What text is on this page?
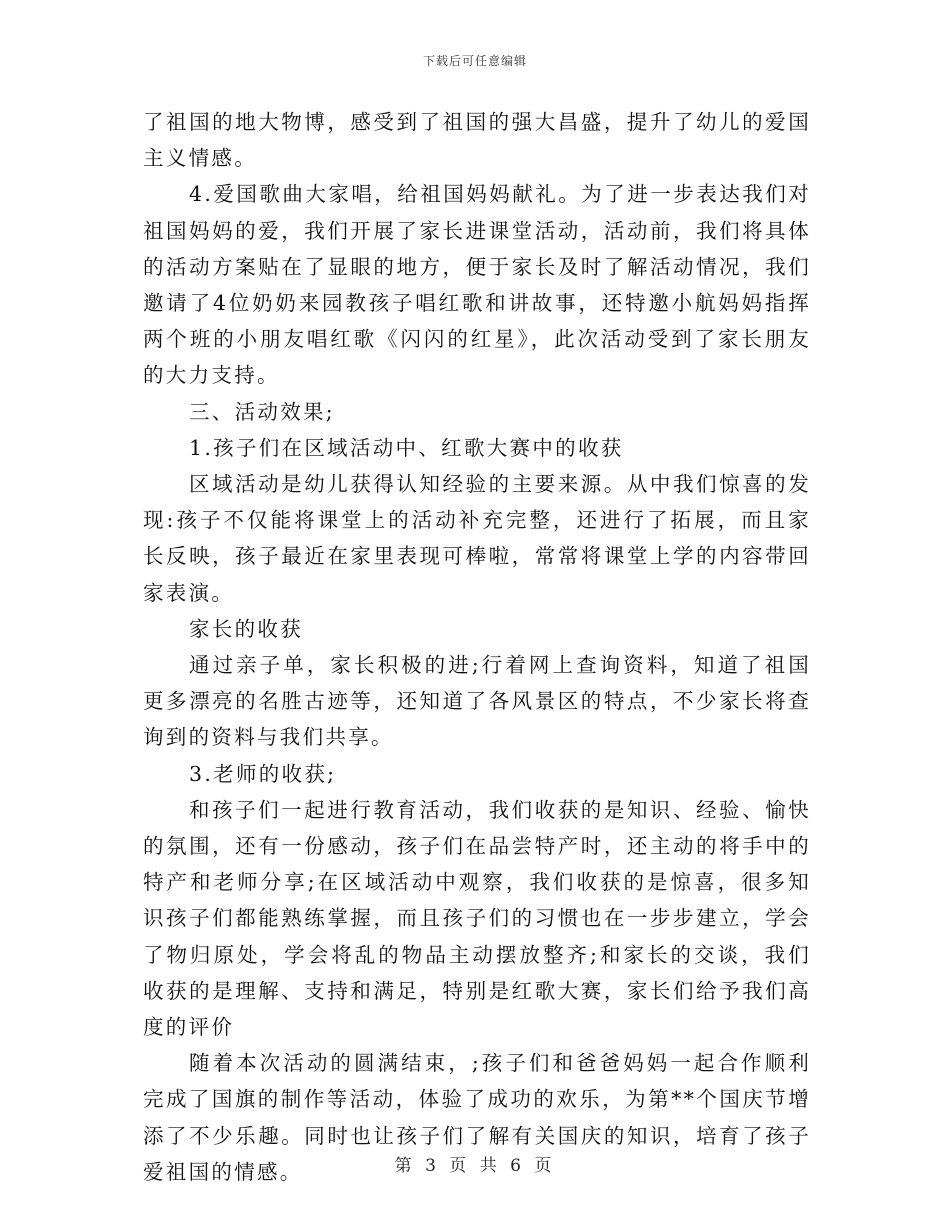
下载后可任意编辑

了祖国的地大物博，感受到了祖国的强大昌盛，提升了幼儿的爱国主义情感。

4.爱国歌曲大家唱，给祖国妈妈献礼。为了进一步表达我们对祖国妈妈的爱，我们开展了家长进课堂活动，活动前，我们将具体的活动方案贴在了显眼的地方，便于家长及时了解活动情况，我们邀请了4位奶奶来园教孩子唱红歌和讲故事，还特邀小航妈妈指挥两个班的小朋友唱红歌《闪闪的红星》，此次活动受到了家长朋友的大力支持。

三、活动效果;

1.孩子们在区域活动中、红歌大赛中的收获

区域活动是幼儿获得认知经验的主要来源。从中我们惊喜的发现:孩子不仅能将课堂上的活动补充完整，还进行了拓展，而且家长反映，孩子最近在家里表现可棒啦，常常将课堂上学的内容带回家表演。

家长的收获

通过亲子单，家长积极的进;行着网上查询资料，知道了祖国更多漂亮的名胜古迹等，还知道了各风景区的特点，不少家长将查询到的资料与我们共享。

3.老师的收获;

和孩子们一起进行教育活动，我们收获的是知识、经验、愉快的氛围，还有一份感动，孩子们在品尝特产时，还主动的将手中的特产和老师分享;在区域活动中观察，我们收获的是惊喜，很多知识孩子们都能熟练掌握，而且孩子们的习惯也在一步步建立，学会了物归原处，学会将乱的物品主动摆放整齐;和家长的交谈，我们收获的是理解、支持和满足，特别是红歌大赛，家长们给予我们高度的评价

随着本次活动的圆满结束，;孩子们和爸爸妈妈一起合作顺利完成了国旗的制作等活动，体验了成功的欢乐，为第**个国庆节增添了不少乐趣。同时也让孩子们了解有关国庆的知识，培育了孩子爱祖国的情感。	第 3 页 共 6 页
